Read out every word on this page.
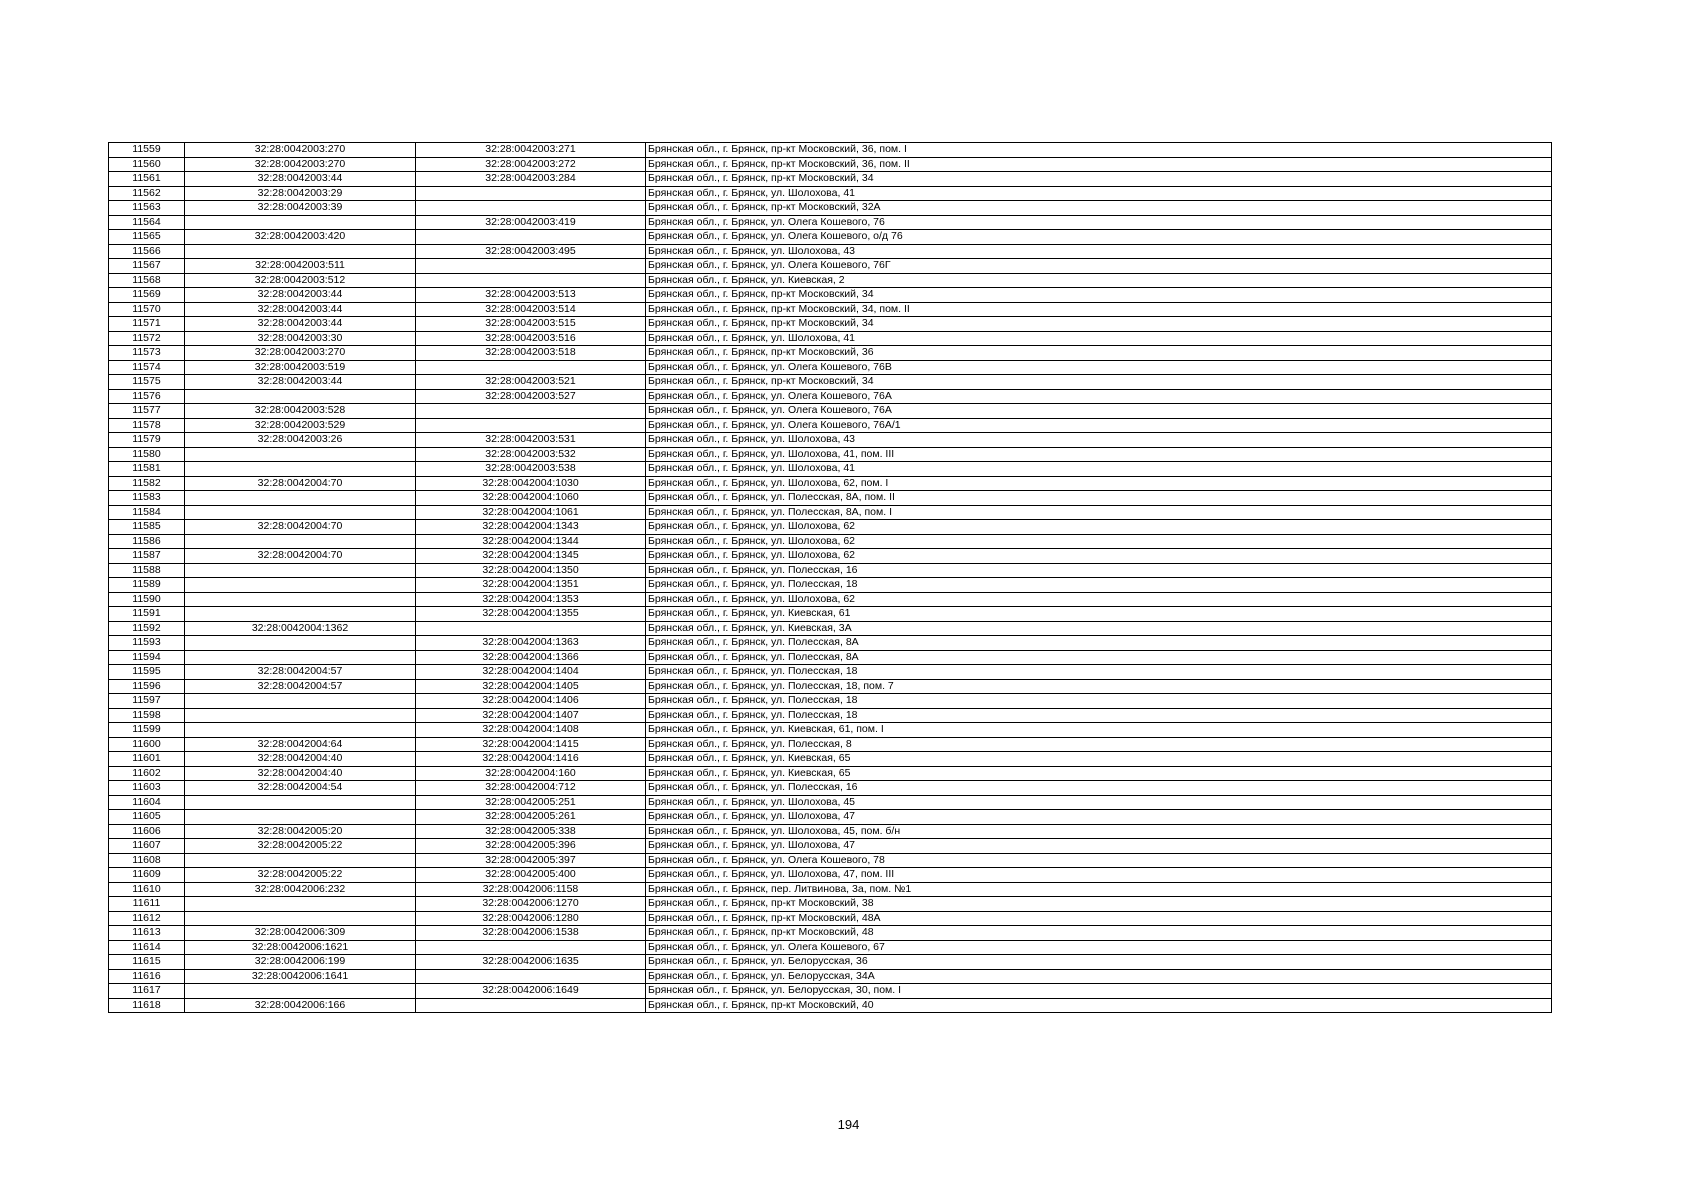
11559	32:28:0042003:270	32:28:0042003:271	Брянская обл., г. Брянск, пр-кт Московский, 36, пом. I
11560	32:28:0042003:270	32:28:0042003:272	Брянская обл., г. Брянск, пр-кт Московский, 36, пом. II
11561	32:28:0042003:44	32:28:0042003:284	Брянская обл., г. Брянск, пр-кт Московский, 34
11562	32:28:0042003:29		Брянская обл., г. Брянск, ул. Шолохова, 41
11563	32:28:0042003:39		Брянская обл., г. Брянск, пр-кт Московский, 32А
11564		32:28:0042003:419	Брянская обл., г. Брянск, ул. Олега Кошевого, 76
11565	32:28:0042003:420		Брянская обл., г. Брянск, ул. Олега Кошевого, о/д 76
11566		32:28:0042003:495	Брянская обл., г. Брянск, ул. Шолохова, 43
11567	32:28:0042003:511		Брянская обл., г. Брянск, ул. Олега Кошевого, 76Г
11568	32:28:0042003:512		Брянская обл., г. Брянск, ул. Киевская, 2
11569	32:28:0042003:44	32:28:0042003:513	Брянская обл., г. Брянск, пр-кт Московский, 34
11570	32:28:0042003:44	32:28:0042003:514	Брянская обл., г. Брянск, пр-кт Московский, 34, пом. II
11571	32:28:0042003:44	32:28:0042003:515	Брянская обл., г. Брянск, пр-кт Московский, 34
11572	32:28:0042003:30	32:28:0042003:516	Брянская обл., г. Брянск, ул. Шолохова, 41
11573	32:28:0042003:270	32:28:0042003:518	Брянская обл., г. Брянск, пр-кт Московский, 36
11574	32:28:0042003:519		Брянская обл., г. Брянск, ул. Олега Кошевого, 76В
11575	32:28:0042003:44	32:28:0042003:521	Брянская обл., г. Брянск, пр-кт Московский, 34
11576		32:28:0042003:527	Брянская обл., г. Брянск, ул. Олега Кошевого, 76А
11577	32:28:0042003:528		Брянская обл., г. Брянск, ул. Олега Кошевого, 76А
11578	32:28:0042003:529		Брянская обл., г. Брянск, ул. Олега Кошевого, 76А/1
11579	32:28:0042003:26	32:28:0042003:531	Брянская обл., г. Брянск, ул. Шолохова, 43
11580		32:28:0042003:532	Брянская обл., г. Брянск, ул. Шолохова, 41, пом. III
11581		32:28:0042003:538	Брянская обл., г. Брянск, ул. Шолохова, 41
11582	32:28:0042004:70	32:28:0042004:1030	Брянская обл., г. Брянск, ул. Шолохова, 62, пом. I
11583		32:28:0042004:1060	Брянская обл., г. Брянск, ул. Полесская, 8А, пом. II
11584		32:28:0042004:1061	Брянская обл., г. Брянск, ул. Полесская, 8А, пом. I
11585	32:28:0042004:70	32:28:0042004:1343	Брянская обл., г. Брянск, ул. Шолохова, 62
11586		32:28:0042004:1344	Брянская обл., г. Брянск, ул. Шолохова, 62
11587	32:28:0042004:70	32:28:0042004:1345	Брянская обл., г. Брянск, ул. Шолохова, 62
11588		32:28:0042004:1350	Брянская обл., г. Брянск, ул. Полесская, 16
11589		32:28:0042004:1351	Брянская обл., г. Брянск, ул. Полесская, 18
11590		32:28:0042004:1353	Брянская обл., г. Брянск, ул. Шолохова, 62
11591		32:28:0042004:1355	Брянская обл., г. Брянск, ул. Киевская, 61
11592	32:28:0042004:1362		Брянская обл., г. Брянск, ул. Киевская, 3А
11593		32:28:0042004:1363	Брянская обл., г. Брянск, ул. Полесская, 8А
11594		32:28:0042004:1366	Брянская обл., г. Брянск, ул. Полесская, 8А
11595	32:28:0042004:57	32:28:0042004:1404	Брянская обл., г. Брянск, ул. Полесская, 18
11596	32:28:0042004:57	32:28:0042004:1405	Брянская обл., г. Брянск, ул. Полесская, 18, пом. 7
11597		32:28:0042004:1406	Брянская обл., г. Брянск, ул. Полесская, 18
11598		32:28:0042004:1407	Брянская обл., г. Брянск, ул. Полесская, 18
11599		32:28:0042004:1408	Брянская обл., г. Брянск, ул. Киевская, 61, пом. I
11600	32:28:0042004:64	32:28:0042004:1415	Брянская обл., г. Брянск, ул. Полесская, 8
11601	32:28:0042004:40	32:28:0042004:1416	Брянская обл., г. Брянск, ул. Киевская, 65
11602	32:28:0042004:40	32:28:0042004:160	Брянская обл., г. Брянск, ул. Киевская, 65
11603	32:28:0042004:54	32:28:0042004:712	Брянская обл., г. Брянск, ул. Полесская, 16
11604		32:28:0042005:251	Брянская обл., г. Брянск, ул. Шолохова, 45
11605		32:28:0042005:261	Брянская обл., г. Брянск, ул. Шолохова, 47
11606	32:28:0042005:20	32:28:0042005:338	Брянская обл., г. Брянск, ул. Шолохова, 45, пом. б/н
11607	32:28:0042005:22	32:28:0042005:396	Брянская обл., г. Брянск, ул. Шолохова, 47
11608		32:28:0042005:397	Брянская обл., г. Брянск, ул. Олега Кошевого, 78
11609	32:28:0042005:22	32:28:0042005:400	Брянская обл., г. Брянск, ул. Шолохова, 47, пом. III
11610	32:28:0042006:232	32:28:0042006:1158	Брянская обл., г. Брянск, пер. Литвинова, 3а, пом. №1
11611		32:28:0042006:1270	Брянская обл., г. Брянск, пр-кт Московский, 38
11612		32:28:0042006:1280	Брянская обл., г. Брянск, пр-кт Московский, 48А
11613	32:28:0042006:309	32:28:0042006:1538	Брянская обл., г. Брянск, пр-кт Московский, 48
11614	32:28:0042006:1621		Брянская обл., г. Брянск, ул. Олега Кошевого, 67
11615	32:28:0042006:199	32:28:0042006:1635	Брянская обл., г. Брянск, ул. Белорусская, 36
11616	32:28:0042006:1641		Брянская обл., г. Брянск, ул. Белорусская, 34А
11617		32:28:0042006:1649	Брянская обл., г. Брянск, ул. Белорусская, 30, пом. I
11618	32:28:0042006:166		Брянская обл., г. Брянск, пр-кт Московский, 40
194
